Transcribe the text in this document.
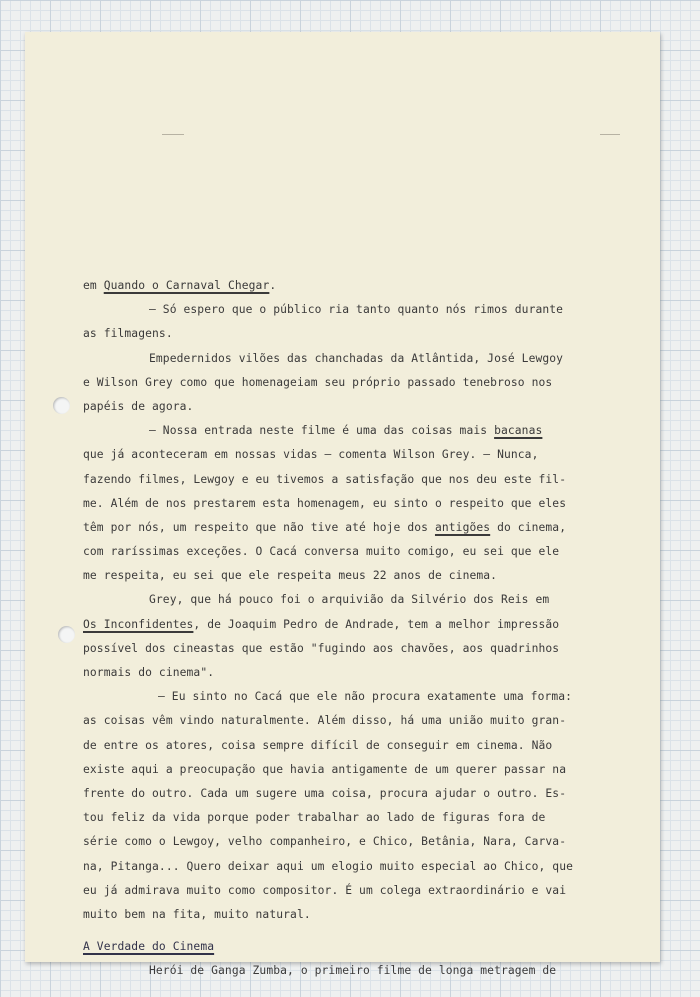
em Quando o Carnaval Chegar.
— Só espero que o público ria tanto quanto nós rimos durante
as filmagens.
Empedernidos vilões das chanchadas da Atlântida, José Lewgoy
e Wilson Grey como que homenageiam seu próprio passado tenebroso nos
papéis de agora.
— Nossa entrada neste filme é uma das coisas mais bacanas
que já aconteceram em nossas vidas — comenta Wilson Grey. — Nunca,
fazendo filmes, Lewgoy e eu tivemos a satisfação que nos deu este fil-
me. Além de nos prestarem esta homenagem, eu sinto o respeito que eles
têm por nós, um respeito que não tive até hoje dos antigões do cinema,
com raríssimas exceções. O Cacá conversa muito comigo, eu sei que ele
me respeita, eu sei que ele respeita meus 22 anos de cinema.
Grey, que há pouco foi o arquivião da Silvério dos Reis em
Os Inconfidentes, de Joaquim Pedro de Andrade, tem a melhor impressão
possível dos cineastas que estão "fugindo aos chavões, aos quadrinhos
normais do cinema".
— Eu sinto no Cacá que ele não procura exatamente uma forma:
as coisas vêm vindo naturalmente. Além disso, há uma união muito gran-
de entre os atores, coisa sempre difícil de conseguir em cinema. Não
existe aqui a preocupação que havia antigamente de um querer passar na
frente do outro. Cada um sugere uma coisa, procura ajudar o outro. Es-
tou feliz da vida porque poder trabalhar ao lado de figuras fora de
série como o Lewgoy, velho companheiro, e Chico, Betânia, Nara, Carva-
na, Pitanga... Quero deixar aqui um elogio muito especial ao Chico, que
eu já admirava muito como compositor. É um colega extraordinário e vai
muito bem na fita, muito natural.
A Verdade do Cinema
Herói de Ganga Zumba, o primeiro filme de longa metragem de
